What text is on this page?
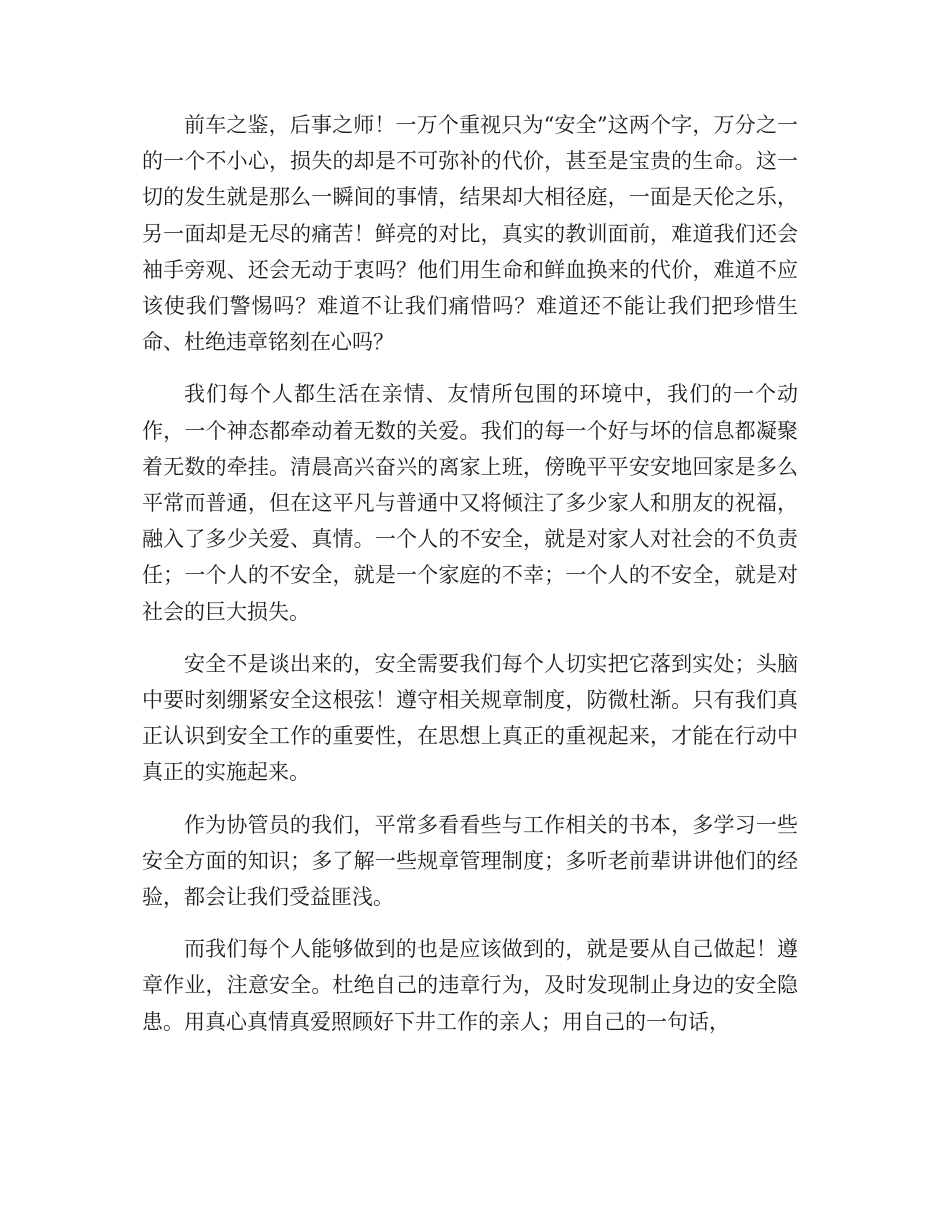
前车之鉴，后事之师！一万个重视只为“安全”这两个字，万分之一的一个不小心，损失的却是不可弥补的代价，甚至是宝贵的生命。这一切的发生就是那么一瞬间的事情，结果却大相径庭，一面是天伦之乐，另一面却是无尽的痛苦！鲜亮的对比，真实的教训面前，难道我们还会袖手旁观、还会无动于衷吗？他们用生命和鲜血换来的代价，难道不应该使我们警惕吗？难道不让我们痛惜吗？难道还不能让我们把珍惜生命、杜绝违章铭刻在心吗？

我们每个人都生活在亲情、友情所包围的环境中，我们的一个动作，一个神态都牵动着无数的关爱。我们的每一个好与坏的信息都凝聚着无数的牵挂。清晨高兴奋兴的离家上班，傍晚平平安安地回家是多么平常而普通，但在这平凡与普通中又将倾注了多少家人和朋友的祝福，融入了多少关爱、真情。一个人的不安全，就是对家人对社会的不负责任；一个人的不安全，就是一个家庭的不幸；一个人的不安全，就是对社会的巨大损失。

安全不是谈出来的，安全需要我们每个人切实把它落到实处；头脑中要时刻绷紧安全这根弦！遵守相关规章制度，防微杜渐。只有我们真正认识到安全工作的重要性，在思想上真正的重视起来，才能在行动中真正的实施起来。

作为协管员的我们，平常多看看些与工作相关的书本，多学习一些安全方面的知识；多了解一些规章管理制度；多听老前辈讲讲他们的经验，都会让我们受益匪浅。

而我们每个人能够做到的也是应该做到的，就是要从自己做起！遵章作业，注意安全。杜绝自己的违章行为，及时发现制止身边的安全隐患。用真心真情真爱照顾好下井工作的亲人；用自己的一句话，
